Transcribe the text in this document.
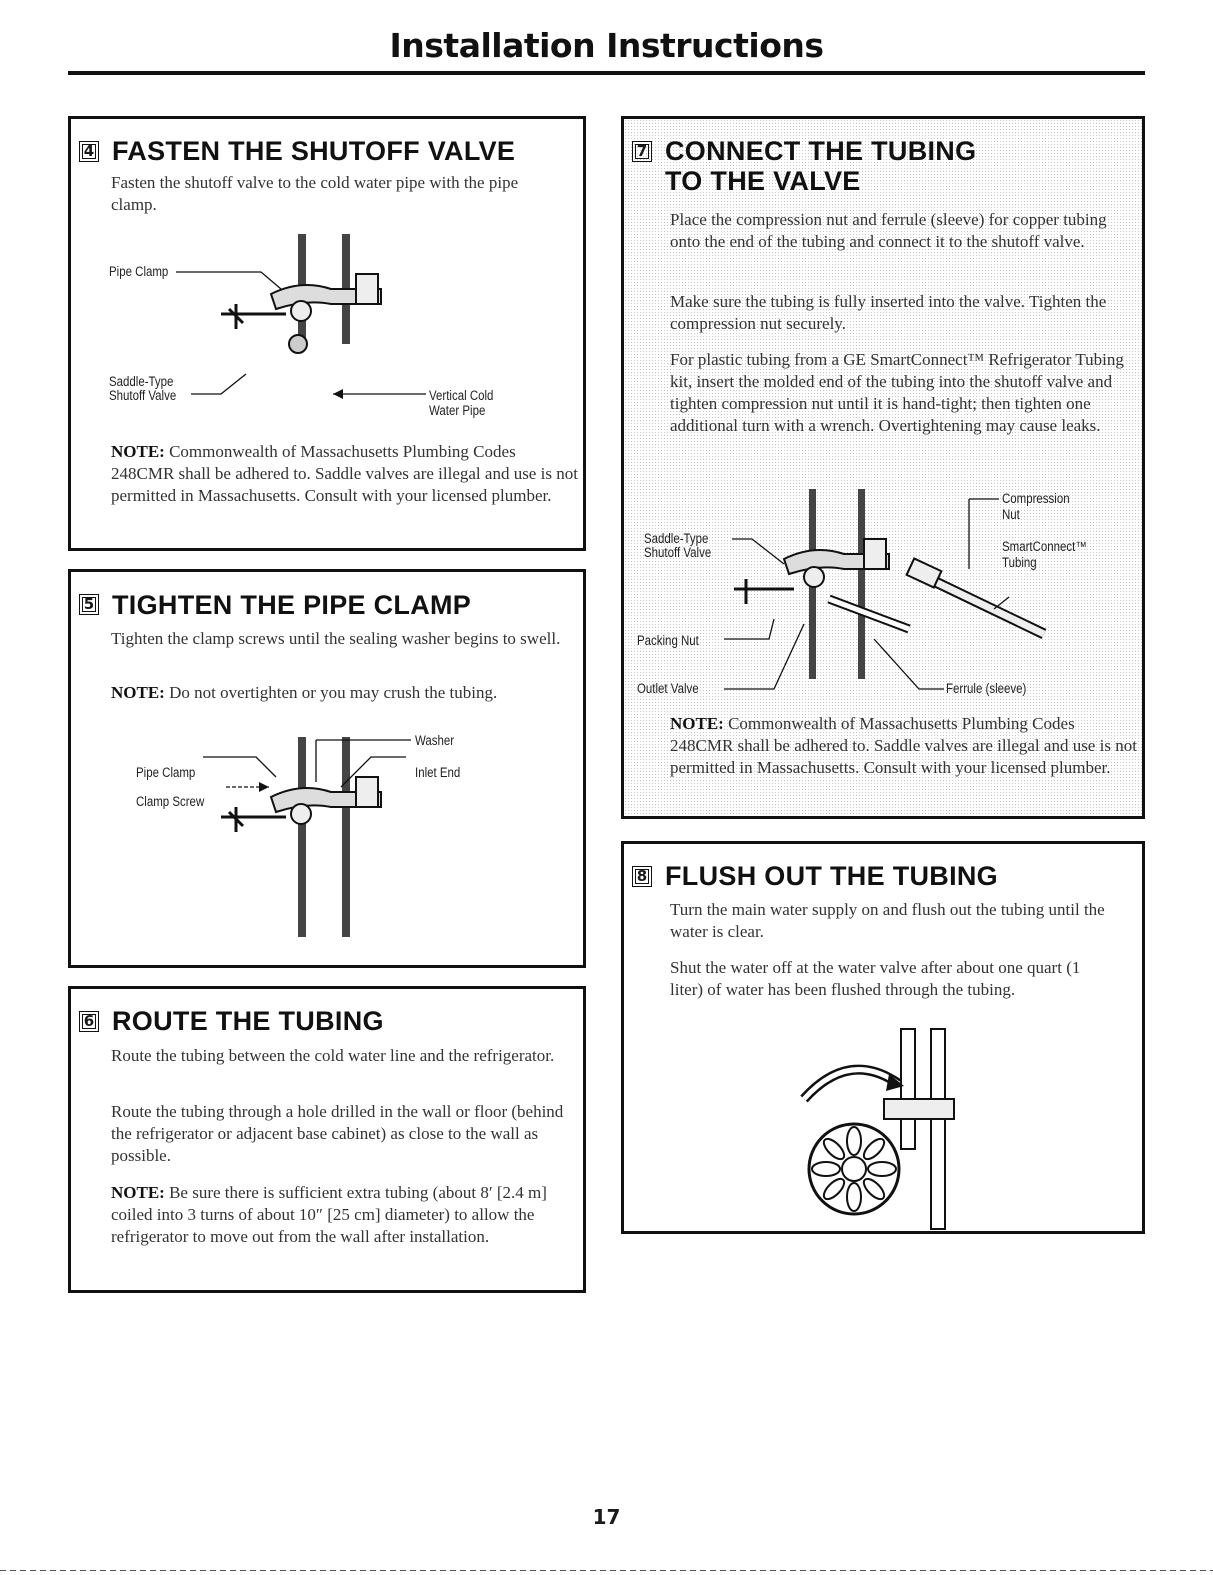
Installation Instructions
4 FASTEN THE SHUTOFF VALVE

Fasten the shutoff valve to the cold water pipe with the pipe clamp.

Pipe Clamp
Saddle-Type
Shutoff Valve	Vertical Cold
Water Pipe

NOTE: Commonwealth of Massachusetts Plumbing Codes 248CMR shall be adhered to. Saddle valves are illegal and use is not permitted in Massachusetts. Consult with your licensed plumber.

5 TIGHTEN THE PIPE CLAMP

Tighten the clamp screws until the sealing washer begins to swell.

NOTE: Do not overtighten or you may crush the tubing.

Washer
Pipe Clamp	Inlet End
Clamp Screw
6 ROUTE THE TUBING

Route the tubing between the cold water line and the refrigerator.

Route the tubing through a hole drilled in the wall or floor (behind the refrigerator or adjacent base cabinet) as close to the wall as possible.

NOTE: Be sure there is sufficient extra tubing (about 8′ [2.4 m] coiled into 3 turns of about 10″ [25 cm] diameter) to allow the refrigerator to move out from the wall after installation.

7 CONNECT THE TUBING
TO THE VALVE

Place the compression nut and ferrule (sleeve) for copper tubing onto the end of the tubing and connect it to the shutoff valve.

Make sure the tubing is fully inserted into the valve. Tighten the compression nut securely.

For plastic tubing from a GE SmartConnect™ Refrigerator Tubing kit, insert the molded end of the tubing into the shutoff valve and tighten compression nut until it is hand-tight; then tighten one additional turn with a wrench. Overtightening may cause leaks.

Compression
Nut
Saddle-Type
Shutoff Valve	SmartConnect™
Tubing
Packing Nut
Outlet Valve	Ferrule (sleeve)

NOTE: Commonwealth of Massachusetts Plumbing Codes 248CMR shall be adhered to. Saddle valves are illegal and use is not permitted in Massachusetts. Consult with your licensed plumber.

8 FLUSH OUT THE TUBING

Turn the main water supply on and flush out the tubing until the water is clear.

Shut the water off at the water valve after about one quart (1 liter) of water has been flushed through the tubing.

17
